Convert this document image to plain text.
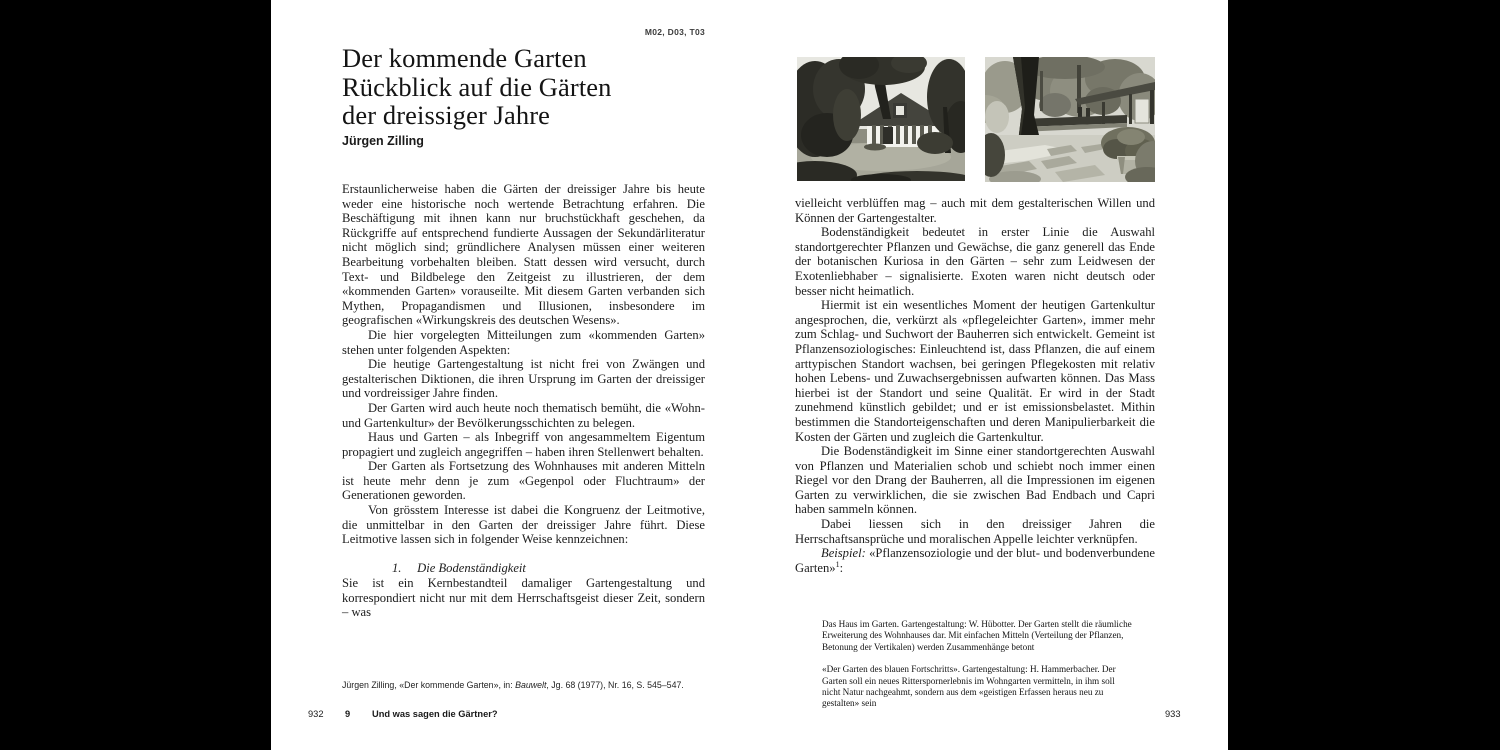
M02, D03, T03
Der kommende Garten
Rückblick auf die Gärten
der dreissiger Jahre
Jürgen Zilling

Erstaunlicherweise haben die Gärten der dreissiger Jahre bis heute weder eine historische noch wertende Betrachtung erfahren. Die Beschäftigung mit ihnen kann nur bruchstückhaft geschehen, da Rückgriffe auf entsprechend fundierte Aussagen der Sekundärliteratur nicht möglich sind; gründlichere Analysen müssen einer weiteren Bearbeitung vorbehalten bleiben. Statt dessen wird versucht, durch Text- und Bildbelege den Zeitgeist zu illustrieren, der dem «kommenden Garten» vorauseilte. Mit diesem Garten verbanden sich Mythen, Propagandismen und Illusionen, insbesondere im geografischen «Wirkungskreis des deutschen Wesens».

Die hier vorgelegten Mitteilungen zum «kommenden Garten» stehen unter folgenden Aspekten:

Die heutige Gartengestaltung ist nicht frei von Zwängen und gestalterischen Diktionen, die ihren Ursprung im Garten der dreissiger und vordreissiger Jahre finden.

Der Garten wird auch heute noch thematisch bemüht, die «Wohn- und Gartenkultur» der Bevölkerungsschichten zu belegen.

Haus und Garten – als Inbegriff von angesammeltem Eigentum propagiert und zugleich angegriffen – haben ihren Stellenwert behalten.

Der Garten als Fortsetzung des Wohnhauses mit anderen Mitteln ist heute mehr denn je zum «Gegenpol oder Fluchtraum» der Generationen geworden.

Von grösstem Interesse ist dabei die Kongruenz der Leitmotive, die unmittelbar in den Garten der dreissiger Jahre führt. Diese Leitmotive lassen sich in folgender Weise kennzeichnen:

1. Die Bodenständigkeit

Sie ist ein Kernbestandteil damaliger Gartengestaltung und korrespondiert nicht nur mit dem Herrschaftsgeist dieser Zeit, sondern – was

Jürgen Zilling, «Der kommende Garten», in: Bauwelt, Jg. 68 (1977), Nr. 16, S. 545–547.
932 9 Und was sagen die Gärtner?

vielleicht verblüffen mag – auch mit dem gestalterischen Willen und Können der Gartengestalter.

Bodenständigkeit bedeutet in erster Linie die Auswahl standortgerechter Pflanzen und Gewächse, die ganz generell das Ende der botanischen Kuriosa in den Gärten – sehr zum Leidwesen der Exotenliebhaber – signalisierte. Exoten waren nicht deutsch oder besser nicht heimatlich.

Hiermit ist ein wesentliches Moment der heutigen Gartenkultur angesprochen, die, verkürzt als «pflegeleichter Garten», immer mehr zum Schlag- und Suchwort der Bauherren sich entwickelt. Gemeint ist Pflanzensoziologisches: Einleuchtend ist, dass Pflanzen, die auf einem arttypischen Standort wachsen, bei geringen Pflegekosten mit relativ hohen Lebens- und Zuwachsergebnissen aufwarten können. Das Mass hierbei ist der Standort und seine Qualität. Er wird in der Stadt zunehmend künstlich gebildet; und er ist emissionsbelastet. Mithin bestimmen die Standorteigenschaften und deren Manipulierbarkeit die Kosten der Gärten und zugleich die Gartenkultur.

Die Bodenständigkeit im Sinne einer standortgerechten Auswahl von Pflanzen und Materialien schob und schiebt noch immer einen Riegel vor den Drang der Bauherren, all die Impressionen im eigenen Garten zu verwirklichen, die sie zwischen Bad Endbach und Capri haben sammeln können.

Dabei liessen sich in den dreissiger Jahren die Herrschaftsansprüche und moralischen Appelle leichter verknüpfen.

Beispiel: «Pflanzensoziologie und der blut- und bodenverbundene Garten»$^1$:

Das Haus im Garten. Gartengestaltung: W. Hübotter. Der Garten stellt die räumliche Erweiterung des Wohnhauses dar. Mit einfachen Mitteln (Verteilung der Pflanzen, Betonung der Vertikalen) werden Zusammenhänge betont

«Der Garten des blauen Fortschritts». Gartengestaltung: H. Hammerbacher. Der Garten soll ein neues Ritterspornerlebnis im Wohngarten vermitteln, in ihm soll nicht Natur nachgeahmt, sondern aus dem «geistigen Erfassen heraus neu zu gestalten» sein

933
